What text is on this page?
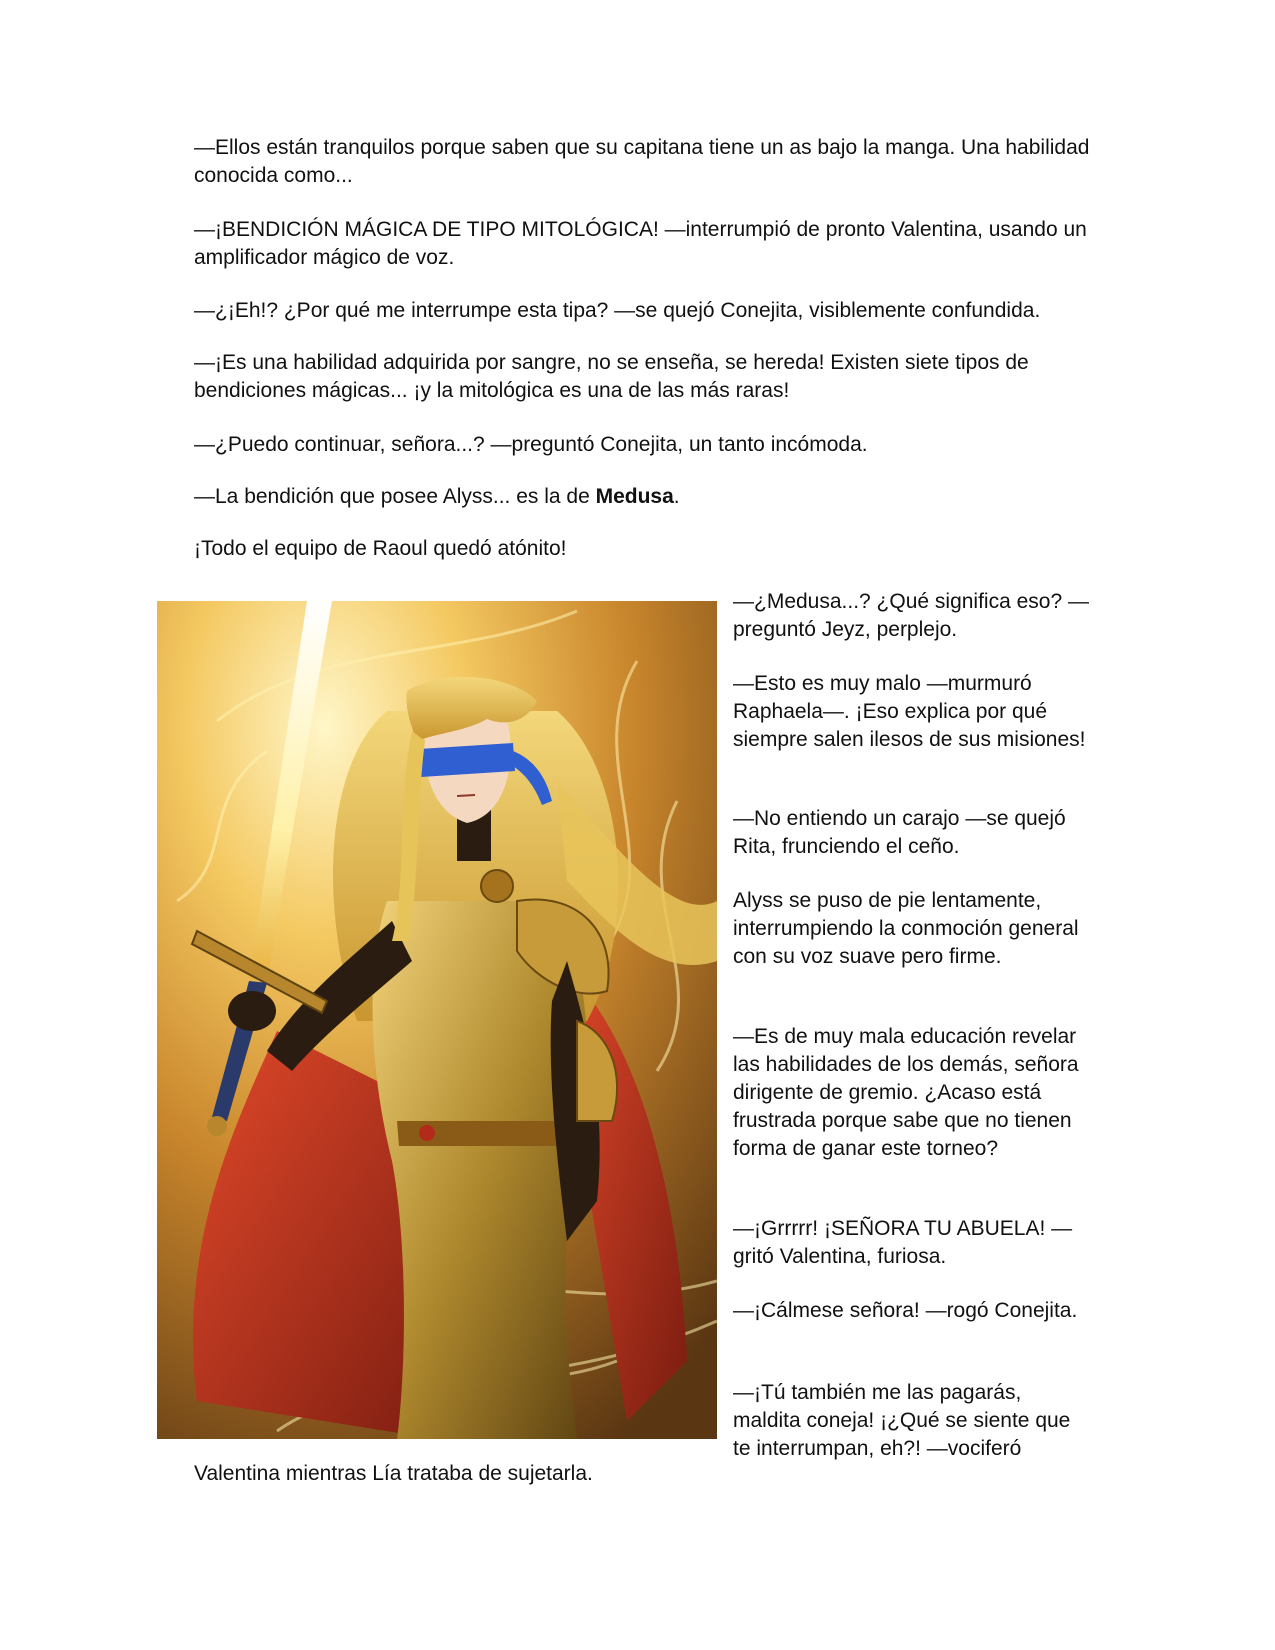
—Ellos están tranquilos porque saben que su capitana tiene un as bajo la manga. Una habilidad conocida como...

—¡BENDICIÓN MÁGICA DE TIPO MITOLÓGICA! —interrumpió de pronto Valentina, usando un amplificador mágico de voz.

—¿¡Eh!? ¿Por qué me interrumpe esta tipa? —se quejó Conejita, visiblemente confundida.

—¡Es una habilidad adquirida por sangre, no se enseña, se hereda! Existen siete tipos de bendiciones mágicas... ¡y la mitológica es una de las más raras!

—¿Puedo continuar, señora...? —preguntó Conejita, un tanto incómoda.

—La bendición que posee Alyss... es la de Medusa.

¡Todo el equipo de Raoul quedó atónito!

—¿Medusa...? ¿Qué significa eso? —preguntó Jeyz, perplejo.

—Esto es muy malo —murmuró Raphaela—. ¡Eso explica por qué siempre salen ilesos de sus misiones!

—No entiendo un carajo —se quejó Rita, frunciendo el ceño.

Alyss se puso de pie lentamente, interrumpiendo la conmoción general con su voz suave pero firme.

—Es de muy mala educación revelar las habilidades de los demás, señora dirigente de gremio. ¿Acaso está frustrada porque sabe que no tienen forma de ganar este torneo?

—¡Grrrrr! ¡SEÑORA TU ABUELA! —gritó Valentina, furiosa.

—¡Cálmese señora! —rogó Conejita.

—¡Tú también me las pagarás, maldita coneja! ¡¿Qué se siente que te interrumpan, eh?! —vociferó

Valentina mientras Lía trataba de sujetarla.
